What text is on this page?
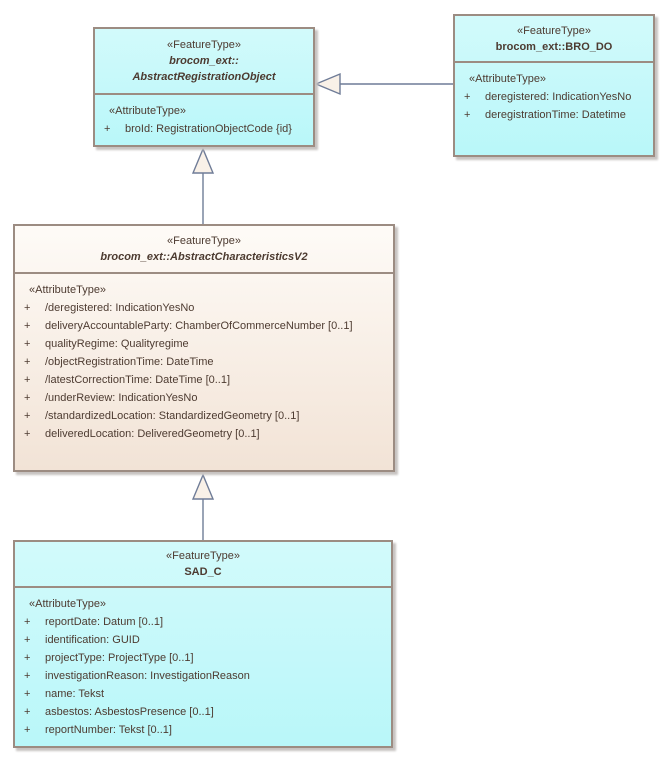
«FeatureType»
brocom_ext::
AbstractRegistrationObject
«AttributeType»
+	broId: RegistrationObjectCode {id}
«FeatureType»
brocom_ext::BRO_DO
«AttributeType»
+	deregistered: IndicationYesNo
+	deregistrationTime: Datetime
«FeatureType»
brocom_ext::AbstractCharacteristicsV2
«AttributeType»
+	/deregistered: IndicationYesNo
+	deliveryAccountableParty: ChamberOfCommerceNumber [0..1]
+	qualityRegime: Qualityregime
+	/objectRegistrationTime: DateTime
+	/latestCorrectionTime: DateTime [0..1]
+	/underReview: IndicationYesNo
+	/standardizedLocation: StandardizedGeometry [0..1]
+	deliveredLocation: DeliveredGeometry [0..1]
«FeatureType»
SAD_C
«AttributeType»
+	reportDate: Datum [0..1]
+	identification: GUID
+	projectType: ProjectType [0..1]
+	investigationReason: InvestigationReason
+	name: Tekst
+	asbestos: AsbestosPresence [0..1]
+	reportNumber: Tekst [0..1]
